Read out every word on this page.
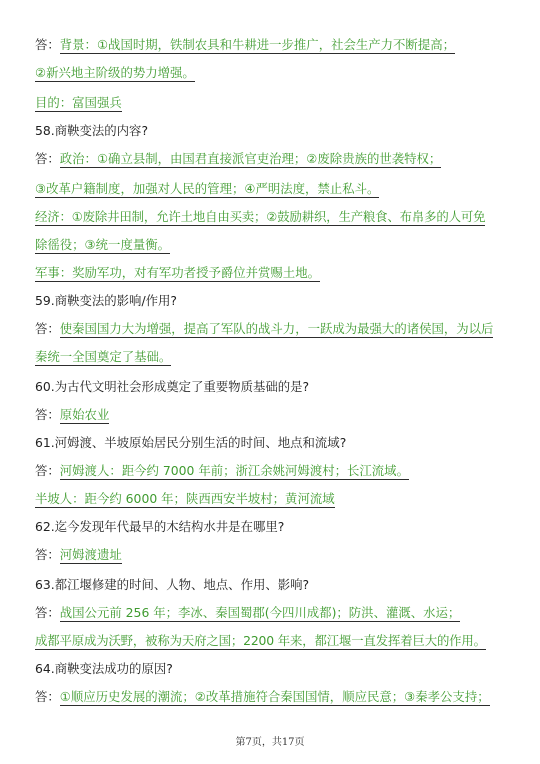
答：背景：①战国时期，铁制农具和牛耕进一步推广，社会生产力不断提高；
②新兴地主阶级的势力增强。
目的：富国强兵
58.商鞅变法的内容?
答：政治：①确立县制，由国君直接派官吏治理；②废除贵族的世袭特权；
③改革户籍制度，加强对人民的管理；④严明法度，禁止私斗。
经济：①废除井田制，允许土地自由买卖；②鼓励耕织，生产粮食、布帛多的人可免
除徭役；③统一度量衡。
军事：奖励军功，对有军功者授予爵位并赏赐土地。
59.商鞅变法的影响/作用?
答：使秦国国力大为增强，提高了军队的战斗力，一跃成为最强大的诸侯国，为以后
秦统一全国奠定了基础。
60.为古代文明社会形成奠定了重要物质基础的是?
答：原始农业
61.河姆渡、半坡原始居民分别生活的时间、地点和流域?
答：河姆渡人：距今约 7000 年前；浙江余姚河姆渡村；长江流域。
半坡人：距今约 6000 年；陕西西安半坡村；黄河流域
62.迄今发现年代最早的木结构水井是在哪里?
答：河姆渡遗址
63.都江堰修建的时间、人物、地点、作用、影响?
答：战国公元前 256 年；李冰、秦国蜀郡(今四川成都)；防洪、灌溉、水运；
成都平原成为沃野，被称为天府之国；2200 年来，都江堰一直发挥着巨大的作用。
64.商鞅变法成功的原因?
答：①顺应历史发展的潮流；②改革措施符合秦国国情，顺应民意；③秦孝公支持；
第7页，共17页
